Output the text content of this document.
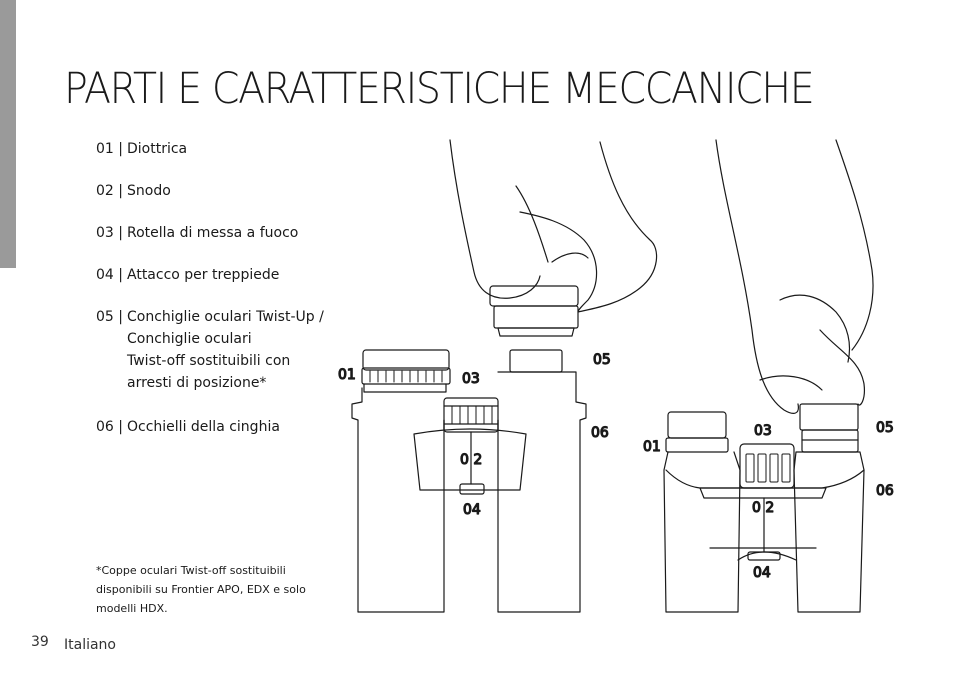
PARTI E CARATTERISTICHE MECCANICHE
01 | Diottrica
02 | Snodo
03 | Rotella di messa a fuoco
04 | Attacco per treppiede
05 | Conchiglie oculari Twist-Up /
Conchiglie oculari
Twist-off sostituibili con
arresti di posizione*
06 | Occhielli della cinghia
*Coppe oculari Twist-off sostituibili
disponibili su Frontier APO, EDX e solo
modelli HDX.
39 Italiano
01	03
05
06
0 2
04
01
03	05
06
0 2
04
